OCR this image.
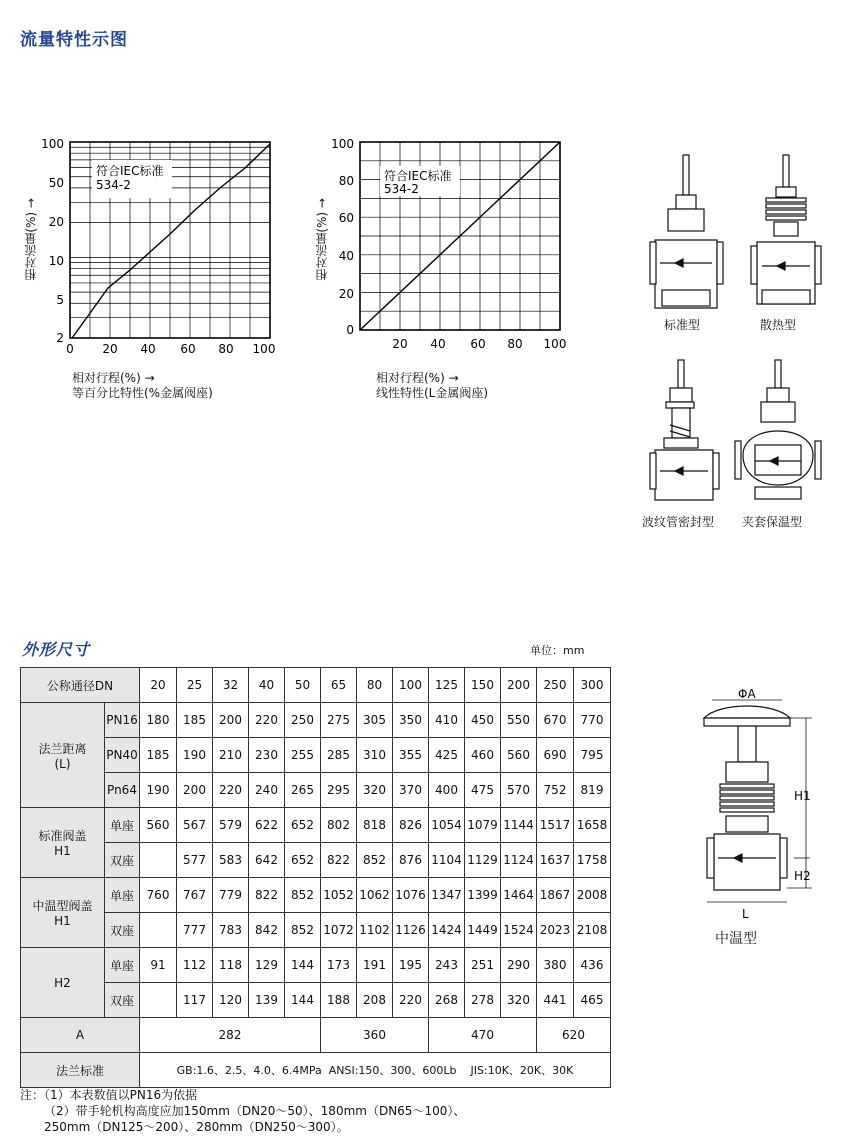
流量特性示图
符合IEC标准
534-2
100
50
20
10
5
2
0 20 40 60 80 100
相对流量(%) →
相对行程(%) →
等百分比特性(%金属阀座)
符合IEC标准
534-2
100
80
60
40
20
0
20 40 60 80 100
相对流量(%) →
相对行程(%) →
线性特性(L金属阀座)
标准型	散热型
波纹管密封型 夹套保温型
外形尺寸	单位：mm
公称通径DN		20	25	32	40	50	65	80	100	125	150	200	250	300

法兰距离
(L)	PN16	180	185	200	220	250	275	305	350	410	450	550	670	770
	PN40	185	190	210	230	255	285	310	355	425	460	560	690	795
	Pn64	190	200	220	240	265	295	320	370	400	475	570	752	819

标准阀盖
H1	单座	560	567	579	622	652	802	818	826	1054	1079	1144	1517	1658
	双座		577	583	642	652	822	852	876	1104	1129	1124	1637	1758

中温型阀盖
H1	单座	760	767	779	822	852	1052	1062	1076	1347	1399	1464	1867	2008
	双座		777	783	842	852	1072	1102	1126	1424	1449	1524	2023	2108
H2	单座	91	112	118	129	144	173	191	195	243	251	290	380	436
	双座		117	120	139	144	188	208	220	268	278	320	441	465
A		282					360			470			620	
法兰标准		GB:1.6、2.5、4.0、6.4MPa ANSI:150、300、600Lb JIS:10K、20K、30K												
ΦA
H1
H2
L
中温型
注：（1）本表数值以PN16为依据
（2）带手轮机构高度应加150mm（DN20～50）、180mm（DN65～100）、
250mm（DN125～200）、280mm（DN250～300）。
